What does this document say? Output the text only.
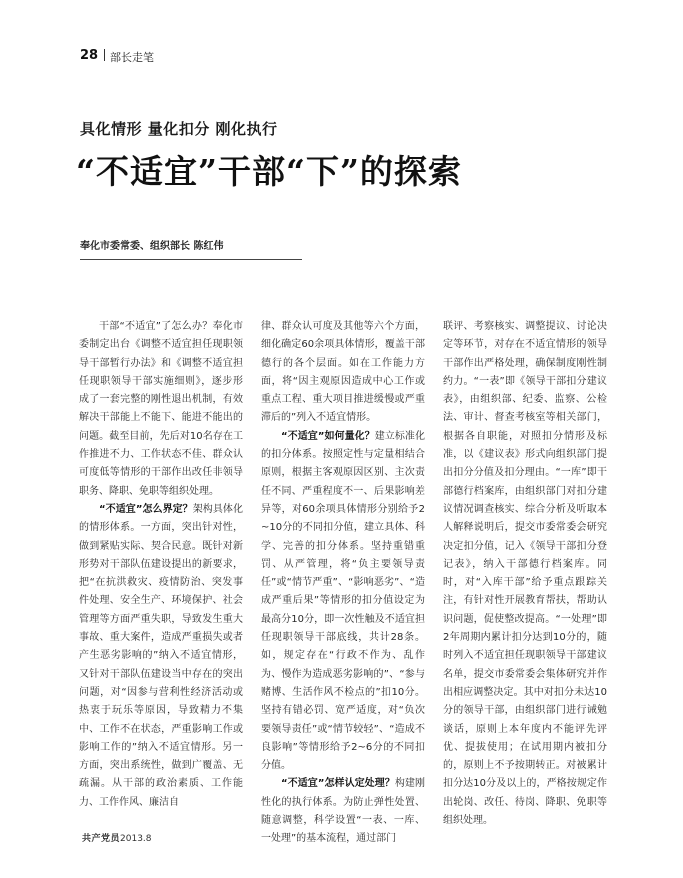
28 部长走笔
具化情形 量化扣分 刚化执行
“不适宜”干部“下”的探索
奉化市委常委、组织部长 陈红伟

干部“不适宜”了怎么办？奉化市委制定出台《调整不适宜担任现职领导干部暂行办法》和《调整不适宜担任现职领导干部实施细则》，逐步形成了一套完整的刚性退出机制，有效解决干部能上不能下、能进不能出的问题。截至目前，先后对10名存在工作推进不力、工作状态不佳、群众认可度低等情形的干部作出改任非领导职务、降职、免职等组织处理。

“不适宜”怎么界定？架构具体化的情形体系。一方面，突出针对性，做到紧贴实际、契合民意。既针对新形势对干部队伍建设提出的新要求，把“在抗洪救灾、疫情防治、突发事件处理、安全生产、环境保护、社会管理等方面严重失职，导致发生重大事故、重大案件，造成严重损失或者产生恶劣影响的”纳入不适宜情形，又针对干部队伍建设当中存在的突出问题，对“因参与营利性经济活动或热衷于玩乐等原因，导致精力不集中、工作不在状态，严重影响工作或影响工作的”纳入不适宜情形。另一方面，突出系统性，做到广覆盖、无疏漏。从干部的政治素质、工作能力、工作作风、廉洁自

律、群众认可度及其他等六个方面，细化确定60余项具体情形，覆盖干部德行的各个层面。如在工作能力方面，将“因主观原因造成中心工作或重点工程、重大项目推进缓慢或严重滞后的”列入不适宜情形。

“不适宜”如何量化？建立标准化的扣分体系。按照定性与定量相结合原则，根据主客观原因区别、主次责任不同、严重程度不一、后果影响差异等，对60余项具体情形分别给予2~10分的不同扣分值，建立具体、科学、完善的扣分体系。坚持重错重罚、从严管理，将“负主要领导责任”或“情节严重”、“影响恶劣”、“造成严重后果”等情形的扣分值设定为最高分10分，即一次性触及不适宜担任现职领导干部底线，共计28条。如，规定存在“行政不作为、乱作为、慢作为造成恶劣影响的”、“参与赌博、生活作风不检点的”扣10分。坚持有错必罚、宽严适度，对“负次要领导责任”或“情节较轻”、“造成不良影响”等情形给予2~6分的不同扣分值。

“不适宜”怎样认定处理？构建刚性化的执行体系。为防止弹性处置、随意调整，科学设置“一表、一库、一处理”的基本流程，通过部门

联评、考察核实、调整提议、讨论决定等环节，对存在不适宜情形的领导干部作出严格处理，确保制度刚性制约力。“一表”即《领导干部扣分建议表》，由组织部、纪委、监察、公检法、审计、督查考核室等相关部门，根据各自职能，对照扣分情形及标准，以《建议表》形式向组织部门提出扣分分值及扣分理由。“一库”即干部德行档案库，由组织部门对扣分建议情况调查核实、综合分析及听取本人解释说明后，提交市委常委会研究决定扣分值，记入《领导干部扣分登记表》，纳入干部德行档案库。同时，对“入库干部”给予重点跟踪关注，有针对性开展教育帮扶，帮助认识问题，促使整改提高。“一处理”即2年周期内累计扣分达到10分的，随时列入不适宜担任现职领导干部建议名单，提交市委常委会集体研究并作出相应调整决定。其中对扣分未达10分的领导干部，由组织部门进行诫勉谈话，原则上本年度内不能评先评优、提拔使用；在试用期内被扣分的，原则上不予按期转正。对被累计扣分达10分及以上的，严格按规定作出轮岗、改任、待岗、降职、免职等组织处理。

共产党员2013.8
